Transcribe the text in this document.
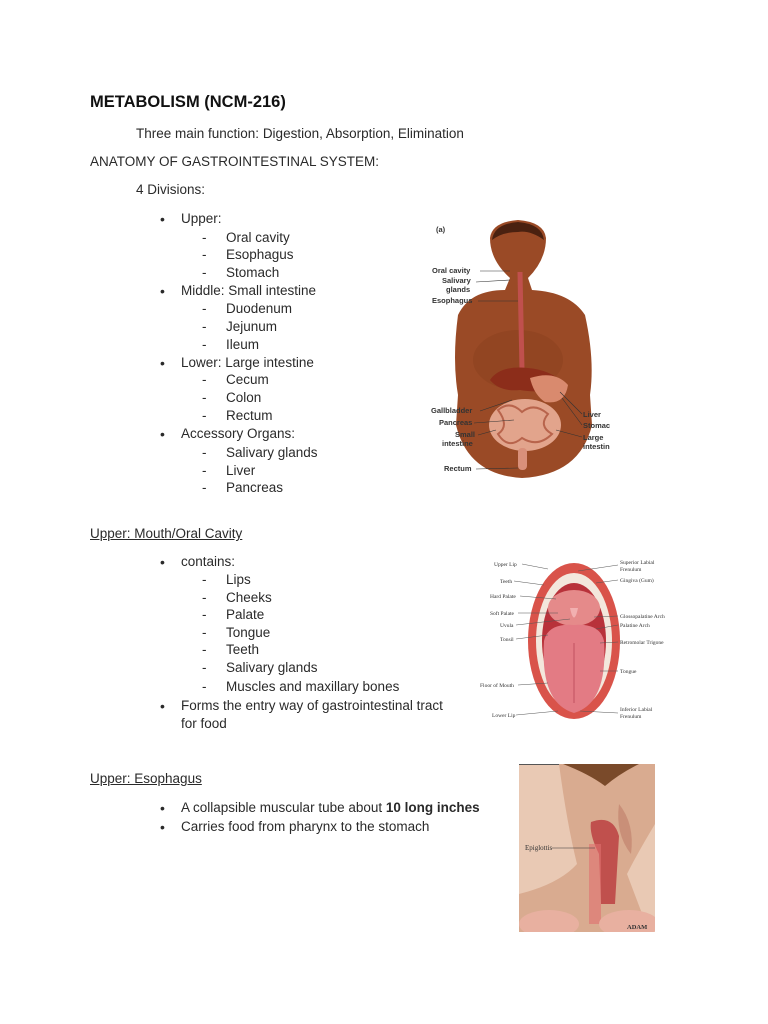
METABOLISM (NCM-216)
Three main function: Digestion, Absorption, Elimination
ANATOMY OF GASTROINTESTINAL SYSTEM:
4 Divisions:
• Upper:
- Oral cavity
- Esophagus
- Stomach
• Middle: Small intestine
- Duodenum
- Jejunum
- Ileum
• Lower: Large intestine
- Cecum
- Colon
- Rectum
• Accessory Organs:
- Salivary glands
- Liver
- Pancreas
Upper: Mouth/Oral Cavity
• contains:
- Lips
- Cheeks
- Palate
- Tongue
- Teeth
- Salivary glands
- Muscles and maxillary bones
• Forms the entry way of gastrointestinal tract
for food
Upper: Esophagus
• A collapsible muscular tube about 10 long inches
• Carries food from pharynx to the stomach
(a)
Oral cavity
Salivary
glands
Esophagus
Gallbladder
Pancreas
Small
intestine
Rectum
Liver
Stomac
Large
intestin
Upper Lip
Teeth
Hard Palate
Soft Palate
Uvula
Tonsil
Floor of Mouth
Lower Lip
Superior Labial
Frenulum
Gingiva (Gum)
Glossopalatine Arch
Palatine Arch
Retromolar Trigone
Tongue
Inferior Labial
Frenulum
Epiglottis
ADAM
